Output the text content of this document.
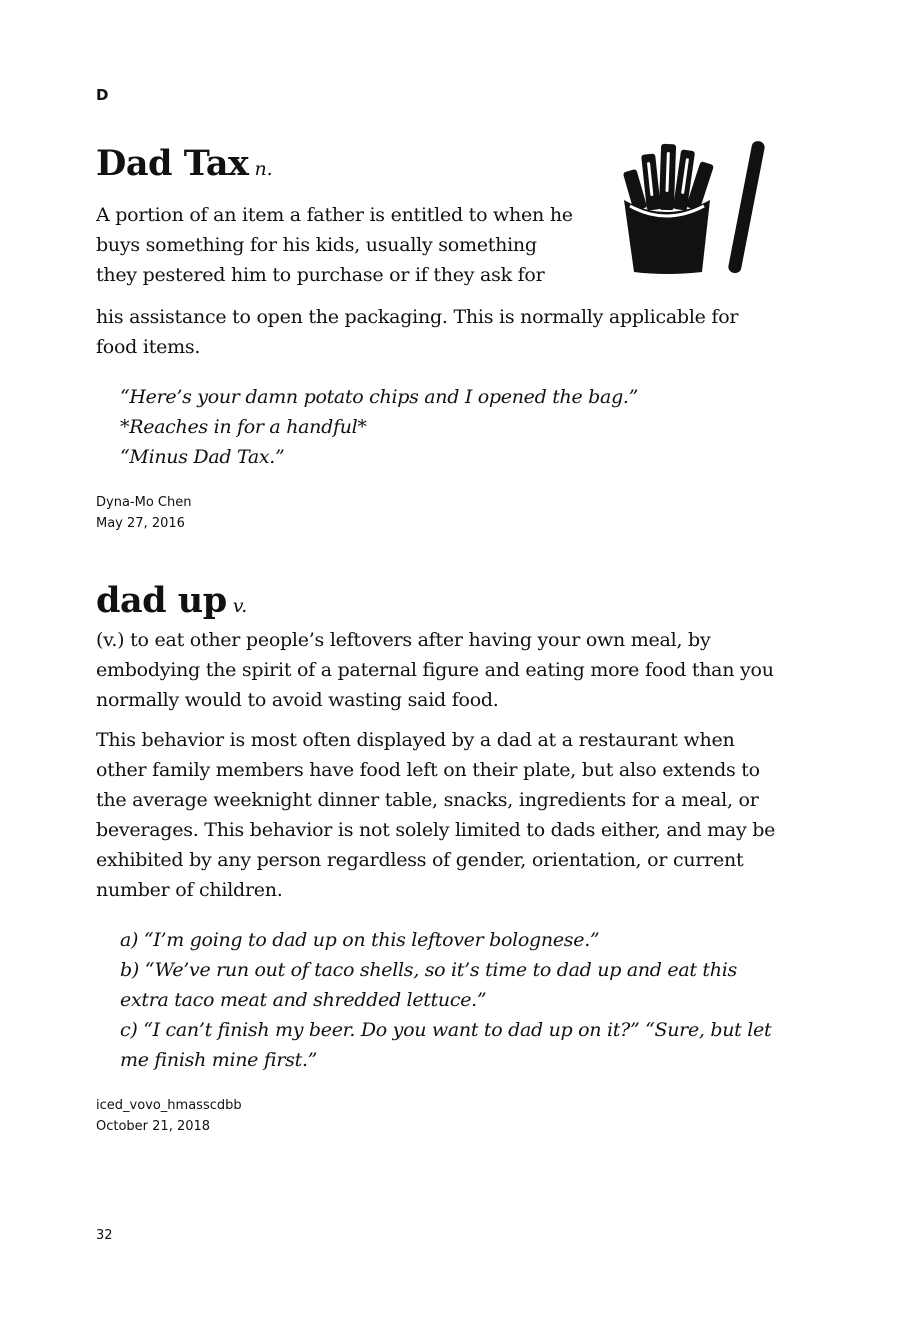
D

Dad Tax n.

A portion of an item a father is entitled to when he
buys something for his kids, usually something
they pestered him to purchase or if they ask for

his assistance to open the packaging. This is normally applicable for food items.

“Here’s your damn potato chips and I opened the bag.”
*Reaches in for a handful*
“Minus Dad Tax.”
Dyna-Mo Chen
May 27, 2016

dad up v.

(v.) to eat other people’s leftovers after having your own meal, by embodying the spirit of a paternal figure and eating more food than you normally would to avoid wasting said food.

This behavior is most often displayed by a dad at a restaurant when other family members have food left on their plate, but also extends to the average weeknight dinner table, snacks, ingredients for a meal, or beverages. This behavior is not solely limited to dads either, and may be exhibited by any person regardless of gender, orientation, or current number of children.

a) “I’m going to dad up on this leftover bolognese.”
b) “We’ve run out of taco shells, so it’s time to dad up and eat this extra taco meat and shredded lettuce.”
c) “I can’t finish my beer. Do you want to dad up on it?” “Sure, but let me finish mine first.”
iced_vovo_hmasscdbb
October 21, 2018
32
